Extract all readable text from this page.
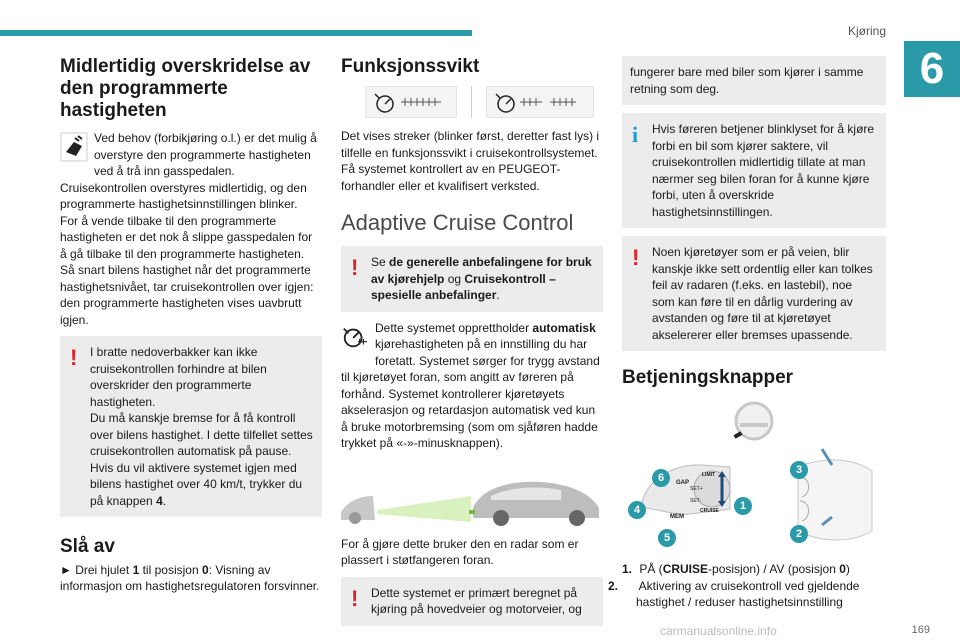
Kjøring
6
Midlertidig overskridelse av den programmerte hastigheten
Ved behov (forbikjøring o.l.) er det mulig å overstyre den programmerte hastigheten ved å trå inn gasspedalen.

Cruisekontrollen overstyres midlertidig, og den programmerte hastighetsinnstillingen blinker.

For å vende tilbake til den programmerte hastigheten er det nok å slippe gasspedalen for å gå tilbake til den programmerte hastigheten.

Så snart bilens hastighet når det programmerte hastighetsnivået, tar cruisekontrollen over igjen: den programmerte hastigheten vises uavbrutt igjen.

! I bratte nedoverbakker kan ikke cruisekontrollen forhindre at bilen overskrider den programmerte hastigheten.

Du må kanskje bremse for å få kontroll over bilens hastighet. I dette tilfellet settes cruisekontrollen automatisk på pause.

Hvis du vil aktivere systemet igjen med bilens hastighet over 40 km/t, trykker du på knappen 4.

Slå av

► Drei hjulet 1 til posisjon 0: Visning av informasjon om hastighetsregulatoren forsvinner.

Funksjonssvikt

Det vises streker (blinker først, deretter fast lys) i tilfelle en funksjonssvikt i cruisekontrollsystemet. Få systemet kontrollert av en PEUGEOT-forhandler eller et kvalifisert verksted.

Adaptive Cruise Control
! Se de generelle anbefalingene for bruk av kjørehjelp og Cruisekontroll – spesielle anbefalinger.

Dette systemet opprettholder automatisk kjørehastigheten på en innstilling du har foretatt. Systemet sørger for trygg avstand til kjøretøyet foran, som angitt av føreren på forhånd. Systemet kontrollerer kjøretøyets akselerasjon og retardasjon automatisk ved kun å bruke motorbremsing (som om sjåføren hadde trykket på «-»-minusknappen).

For å gjøre dette bruker den en radar som er plassert i støtfangeren foran.

! Dette systemet er primært beregnet på kjøring på hovedveier og motorveier, og

fungerer bare med biler som kjører i samme retning som deg.

i Hvis føreren betjener blinklyset for å kjøre forbi en bil som kjører saktere, vil cruisekontrollen midlertidig tillate at man nærmer seg bilen foran for å kunne kjøre forbi, uten å overskride hastighetsinnstillingen.

! Noen kjøretøyer som er på veien, blir kanskje ikke sett ordentlig eller kan tolkes feil av radaren (f.eks. en lastebil), noe som kan føre til en dårlig vurdering av avstanden og føre til at kjøretøyet akselererer eller bremses upassende.

Betjeningsknapper
6
4
5
1
3
2
GAP
MEM
LIMIT
CRUISE
SET+
SET-

1. PÅ (CRUISE-posisjon) / AV (posisjon 0)

2. Aktivering av cruisekontroll ved gjeldende hastighet / reduser hastighetsinnstilling

carmanualsonline.info	169
